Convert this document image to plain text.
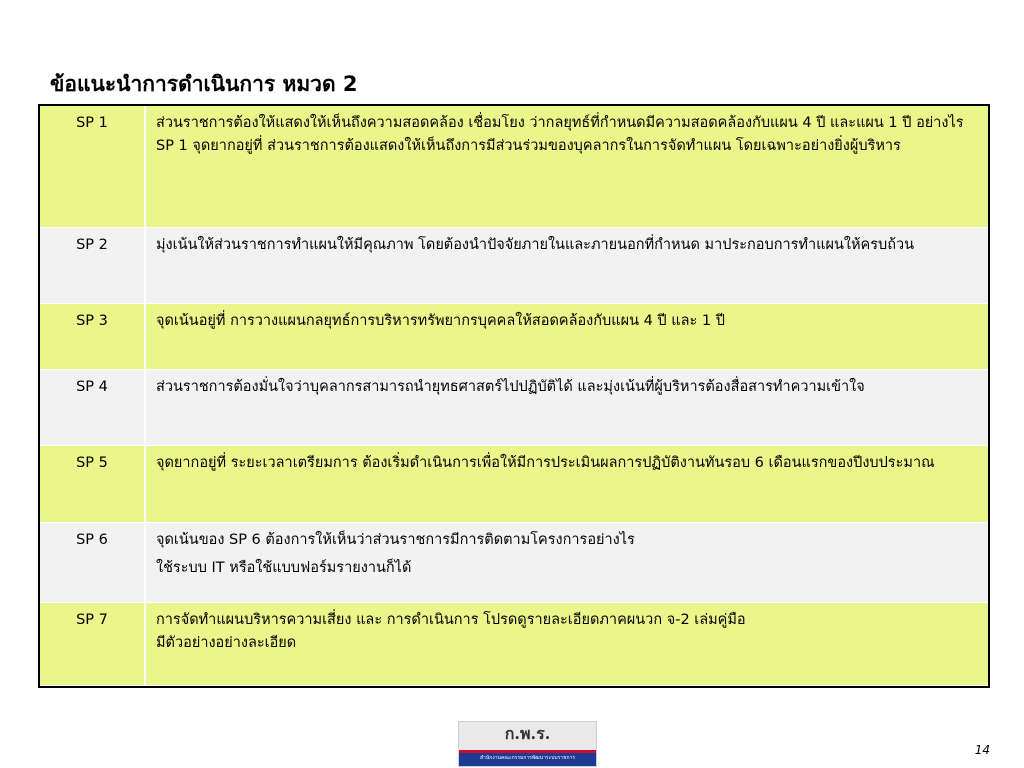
ข้อแนะนำการดำเนินการ หมวด 2
SP 1	ส่วนราชการต้องให้แสดงให้เห็นถึงความสอดคล้อง เชื่อมโยง ว่ากลยุทธ์ที่กำหนดมีความสอดคล้องกับแผน 4 ปี และแผน 1 ปี อย่างไร SP 1 จุดยากอยู่ที่ ส่วนราชการต้องแสดงให้เห็นถึงการมีส่วนร่วมของบุคลากรในการจัดทำแผน โดยเฉพาะอย่างยิ่งผู้บริหาร

SP 2	มุ่งเน้นให้ส่วนราชการทำแผนให้มีคุณภาพ โดยต้องนำปัจจัยภายในและภายนอกที่กำหนด มาประกอบการทำแผนให้ครบถ้วน

SP 3	จุดเน้นอยู่ที่ การวางแผนกลยุทธ์การบริหารทรัพยากรบุคคลให้สอดคล้องกับแผน 4 ปี และ 1 ปี

SP 4	ส่วนราชการต้องมั่นใจว่าบุคลากรสามารถนำยุทธศาสตร์ไปปฏิบัติได้ และมุ่งเน้นที่ผู้บริหารต้องสื่อสารทำความเข้าใจ

SP 5	จุดยากอยู่ที่ ระยะเวลาเตรียมการ ต้องเริ่มดำเนินการเพื่อให้มีการประเมินผลการปฏิบัติงานทันรอบ 6 เดือนแรกของปีงบประมาณ

SP 6	จุดเน้นของ SP 6 ต้องการให้เห็นว่าส่วนราชการมีการติดตามโครงการอย่างไร
ใช้ระบบ IT หรือใช้แบบฟอร์มรายงานก็ได้

SP 7	การจัดทำแผนบริหารความเสี่ยง และ การดำเนินการ โปรดดูรายละเอียดภาคผนวก จ-2 เล่มคู่มือ
มีตัวอย่างอย่างละเอียด
ก.พ.ร.
สำนักงานคณะกรรมการพัฒนาระบบราชการ
14
